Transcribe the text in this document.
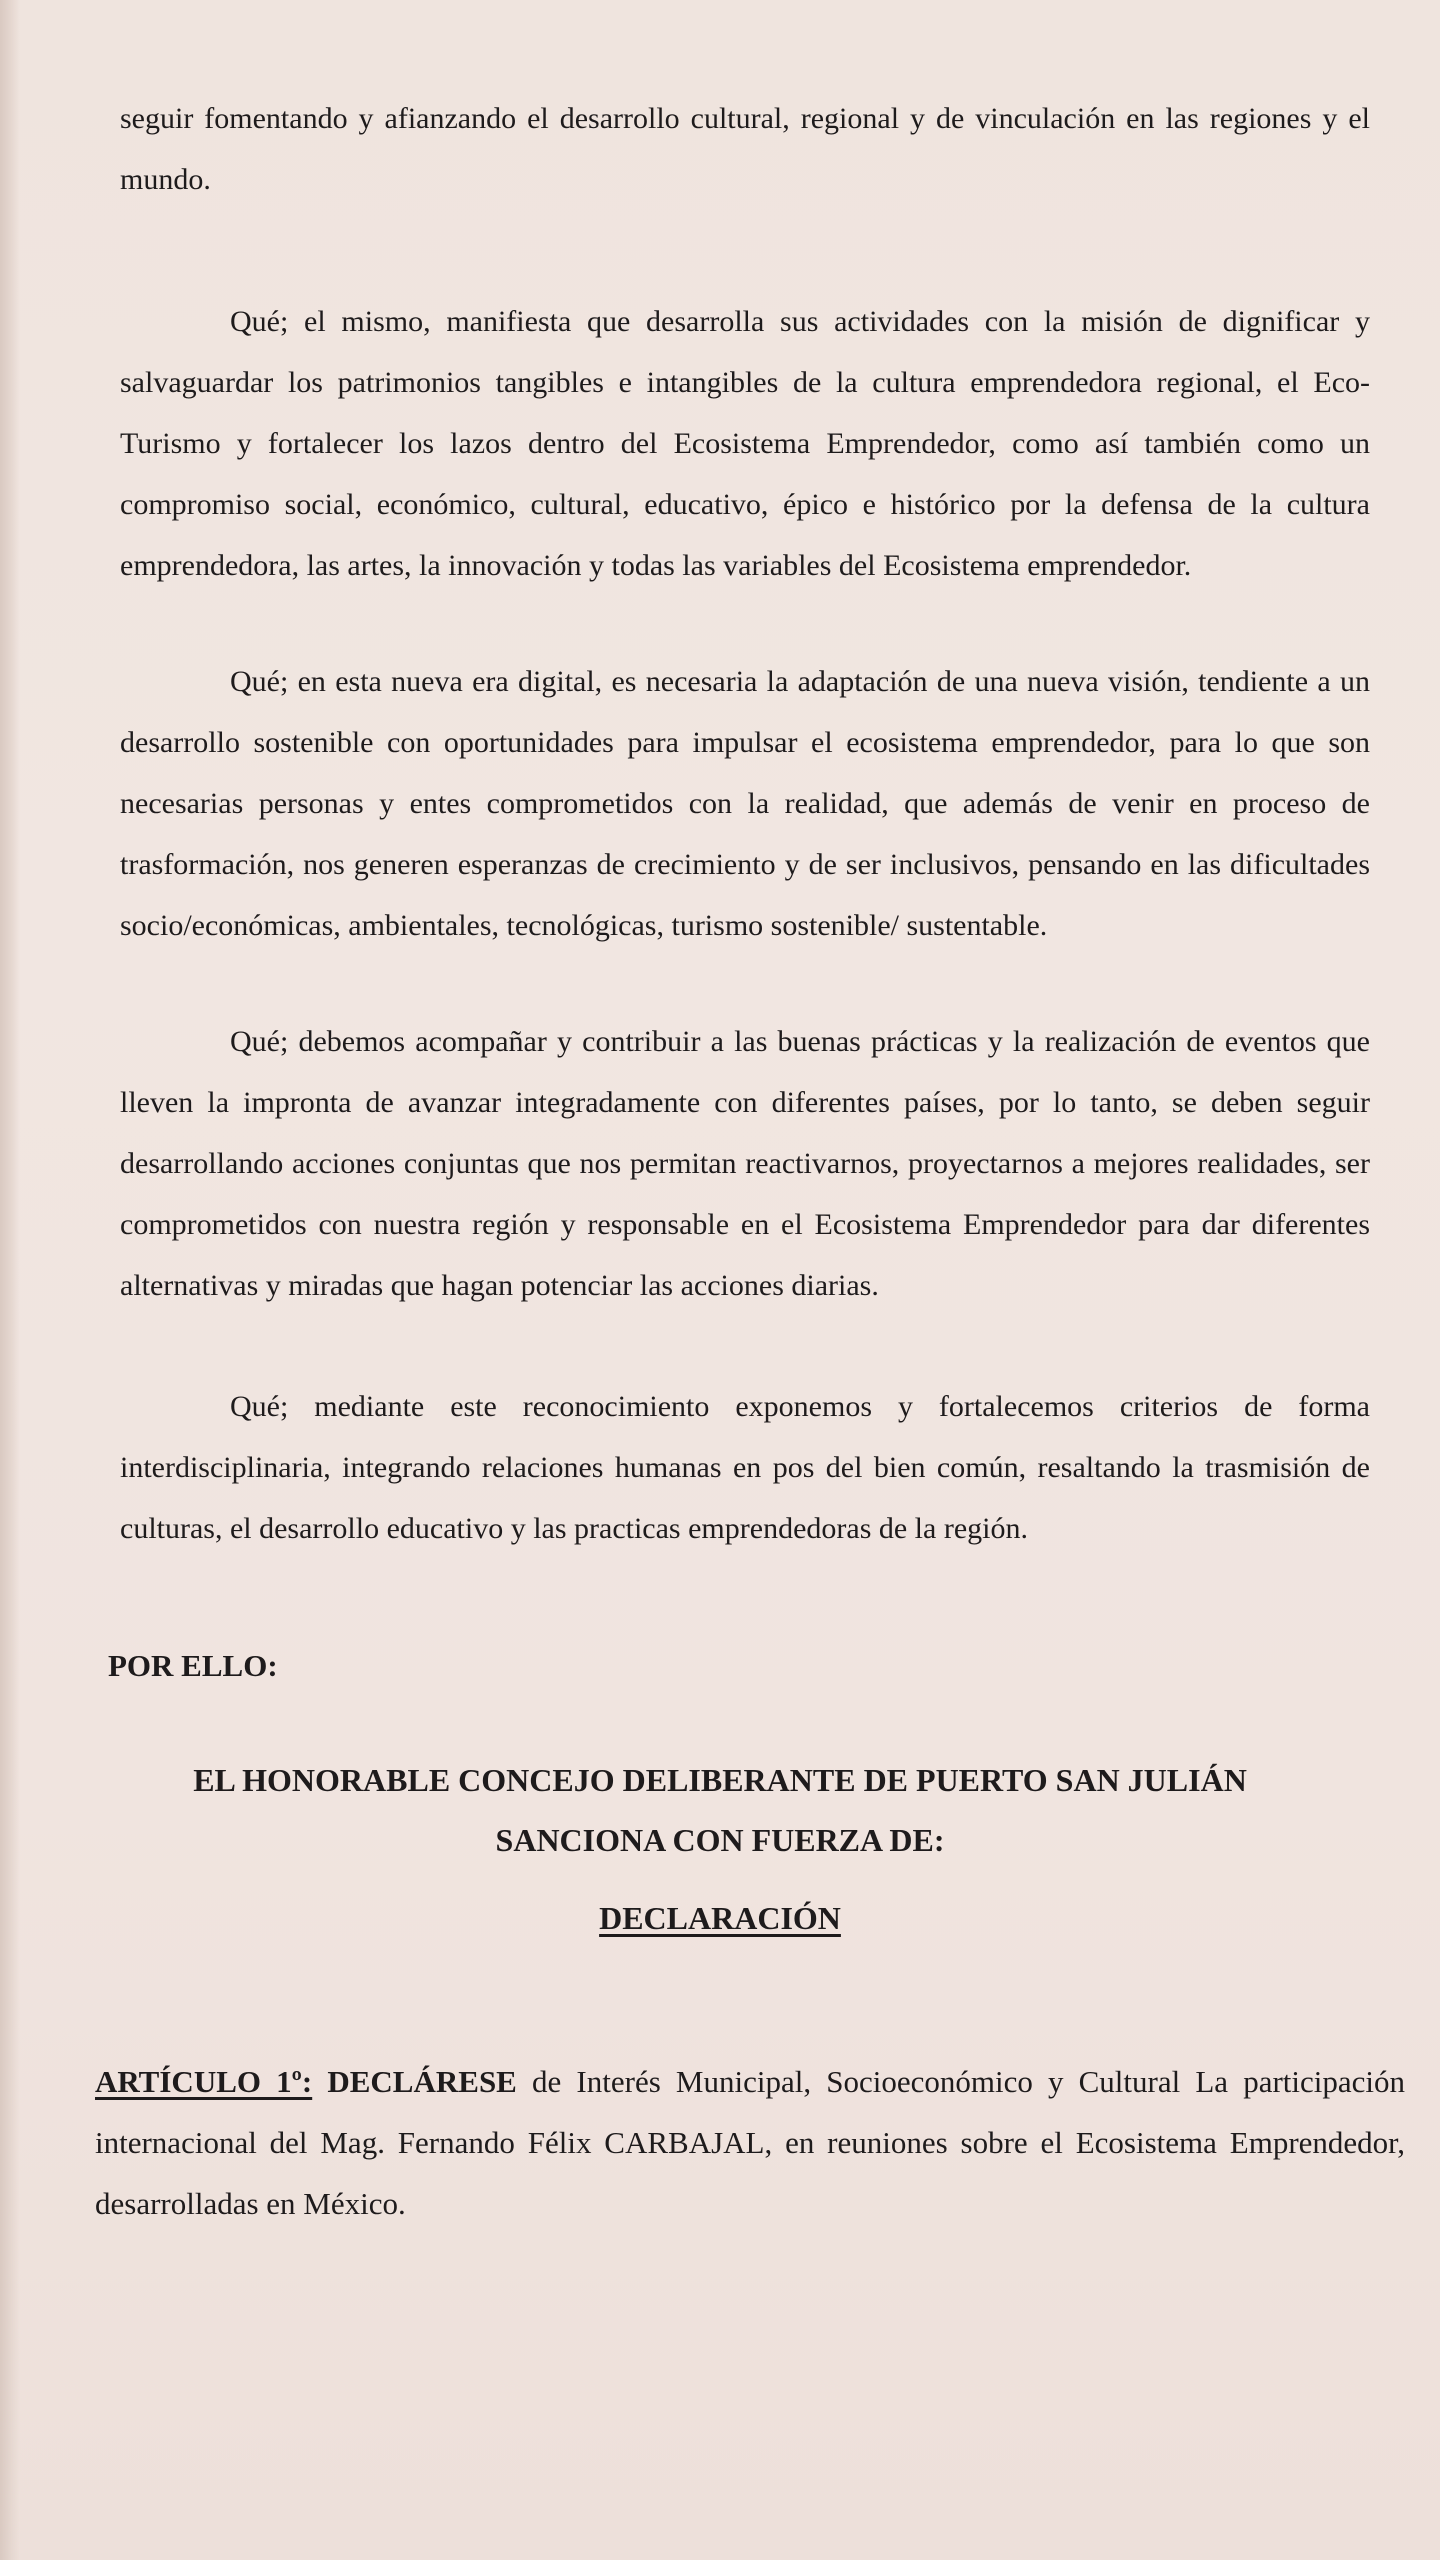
seguir fomentando y afianzando el desarrollo cultural, regional y de vinculación en las regiones y el mundo.

Qué; el mismo, manifiesta que desarrolla sus actividades con la misión de dignificar y salvaguardar los patrimonios tangibles e intangibles de la cultura emprendedora regional, el Eco-Turismo y fortalecer los lazos dentro del Ecosistema Emprendedor, como así también como un compromiso social, económico, cultural, educativo, épico e histórico por la defensa de la cultura emprendedora, las artes, la innovación y todas las variables del Ecosistema emprendedor.

Qué; en esta nueva era digital, es necesaria la adaptación de una nueva visión, tendiente a un desarrollo sostenible con oportunidades para impulsar el ecosistema emprendedor, para lo que son necesarias personas y entes comprometidos con la realidad, que además de venir en proceso de trasformación, nos generen esperanzas de crecimiento y de ser inclusivos, pensando en las dificultades socio/económicas, ambientales, tecnológicas, turismo sostenible/ sustentable.

Qué; debemos acompañar y contribuir a las buenas prácticas y la realización de eventos que lleven la impronta de avanzar integradamente con diferentes países, por lo tanto, se deben seguir desarrollando acciones conjuntas que nos permitan reactivarnos, proyectarnos a mejores realidades, ser comprometidos con nuestra región y responsable en el Ecosistema Emprendedor para dar diferentes alternativas y miradas que hagan potenciar las acciones diarias.

Qué; mediante este reconocimiento exponemos y fortalecemos criterios de forma interdisciplinaria, integrando relaciones humanas en pos del bien común, resaltando la trasmisión de culturas, el desarrollo educativo y las practicas emprendedoras de la región.

POR ELLO:
EL HONORABLE CONCEJO DELIBERANTE DE PUERTO SAN JULIÁN
SANCIONA CON FUERZA DE:
DECLARACIÓN

ARTÍCULO 1º: DECLÁRESE de Interés Municipal, Socioeconómico y Cultural La participación internacional del Mag. Fernando Félix CARBAJAL, en reuniones sobre el Ecosistema Emprendedor, desarrolladas en México.
